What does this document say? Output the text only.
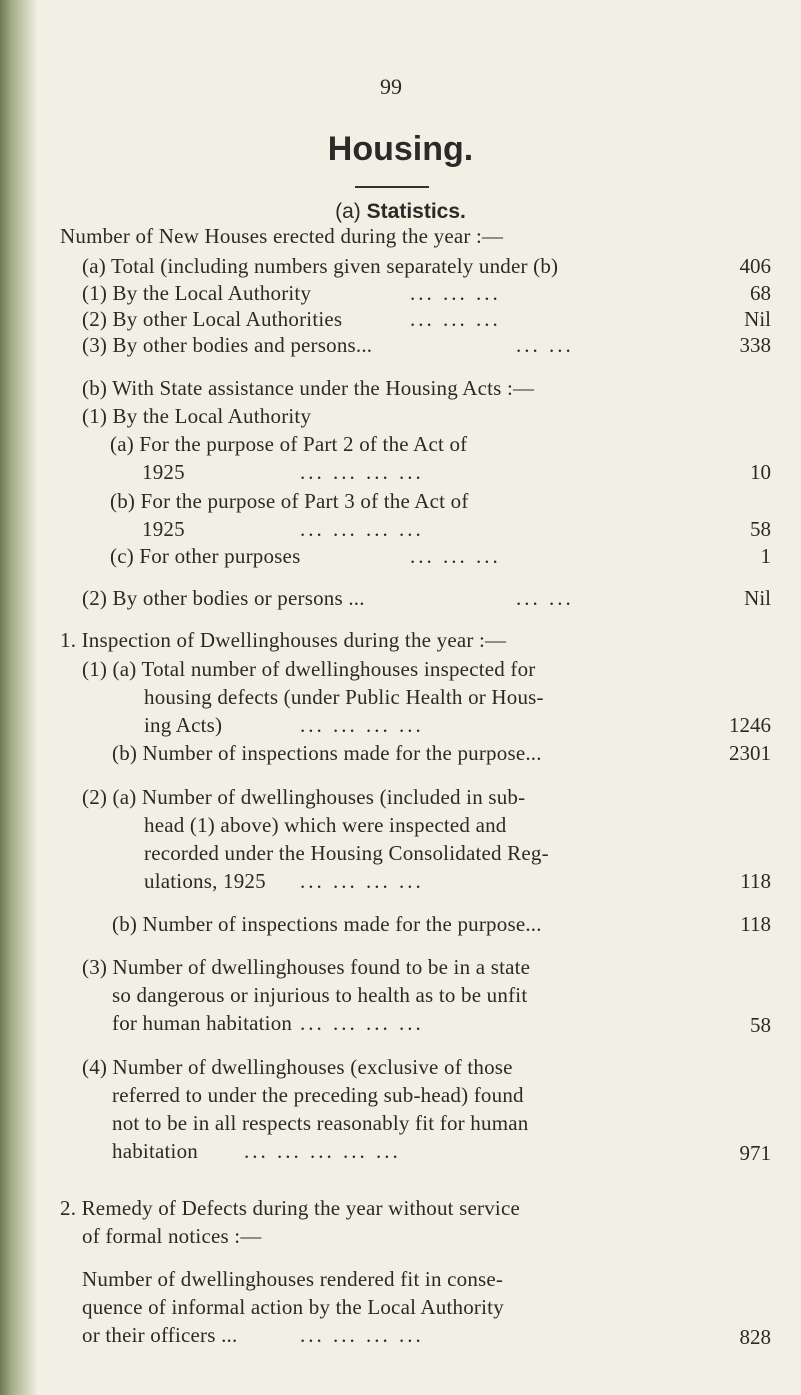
99
Housing.
(a) Statistics.
Number of New Houses erected during the year :—
(a) Total (including numbers given separately under (b)	406
(1) By the Local Authority	... ... ...	68
(2) By other Local Authorities	... ... ...	Nil
(3) By other bodies and persons...	... ...	338
(b) With State assistance under the Housing Acts :—
(1) By the Local Authority
(a) For the purpose of Part 2 of the Act of
1925	... ... ... ...	10
(b) For the purpose of Part 3 of the Act of
1925	... ... ... ...	58
(c) For other purposes	... ... ...	1
(2) By other bodies or persons ...	... ...	Nil
1. Inspection of Dwellinghouses during the year :—
(1) (a) Total number of dwellinghouses inspected for
housing defects (under Public Health or Hous-
ing Acts)	... ... ... ...	1246
(b) Number of inspections made for the purpose...	2301
(2) (a) Number of dwellinghouses (included in sub-
head (1) above) which were inspected and
recorded under the Housing Consolidated Reg-
ulations, 1925 ... ... ... ...	118
(b) Number of inspections made for the purpose...	118
(3) Number of dwellinghouses found to be in a state
so dangerous or injurious to health as to be unfit
for human habitation ... ... ... ...	58
(4) Number of dwellinghouses (exclusive of those
referred to under the preceding sub-head) found
not to be in all respects reasonably fit for human
habitation ... ... ... ... ...	971
2. Remedy of Defects during the year without service
of formal notices :—
Number of dwellinghouses rendered fit in conse-
quence of informal action by the Local Authority
or their officers ...	... ... ... ...	828
